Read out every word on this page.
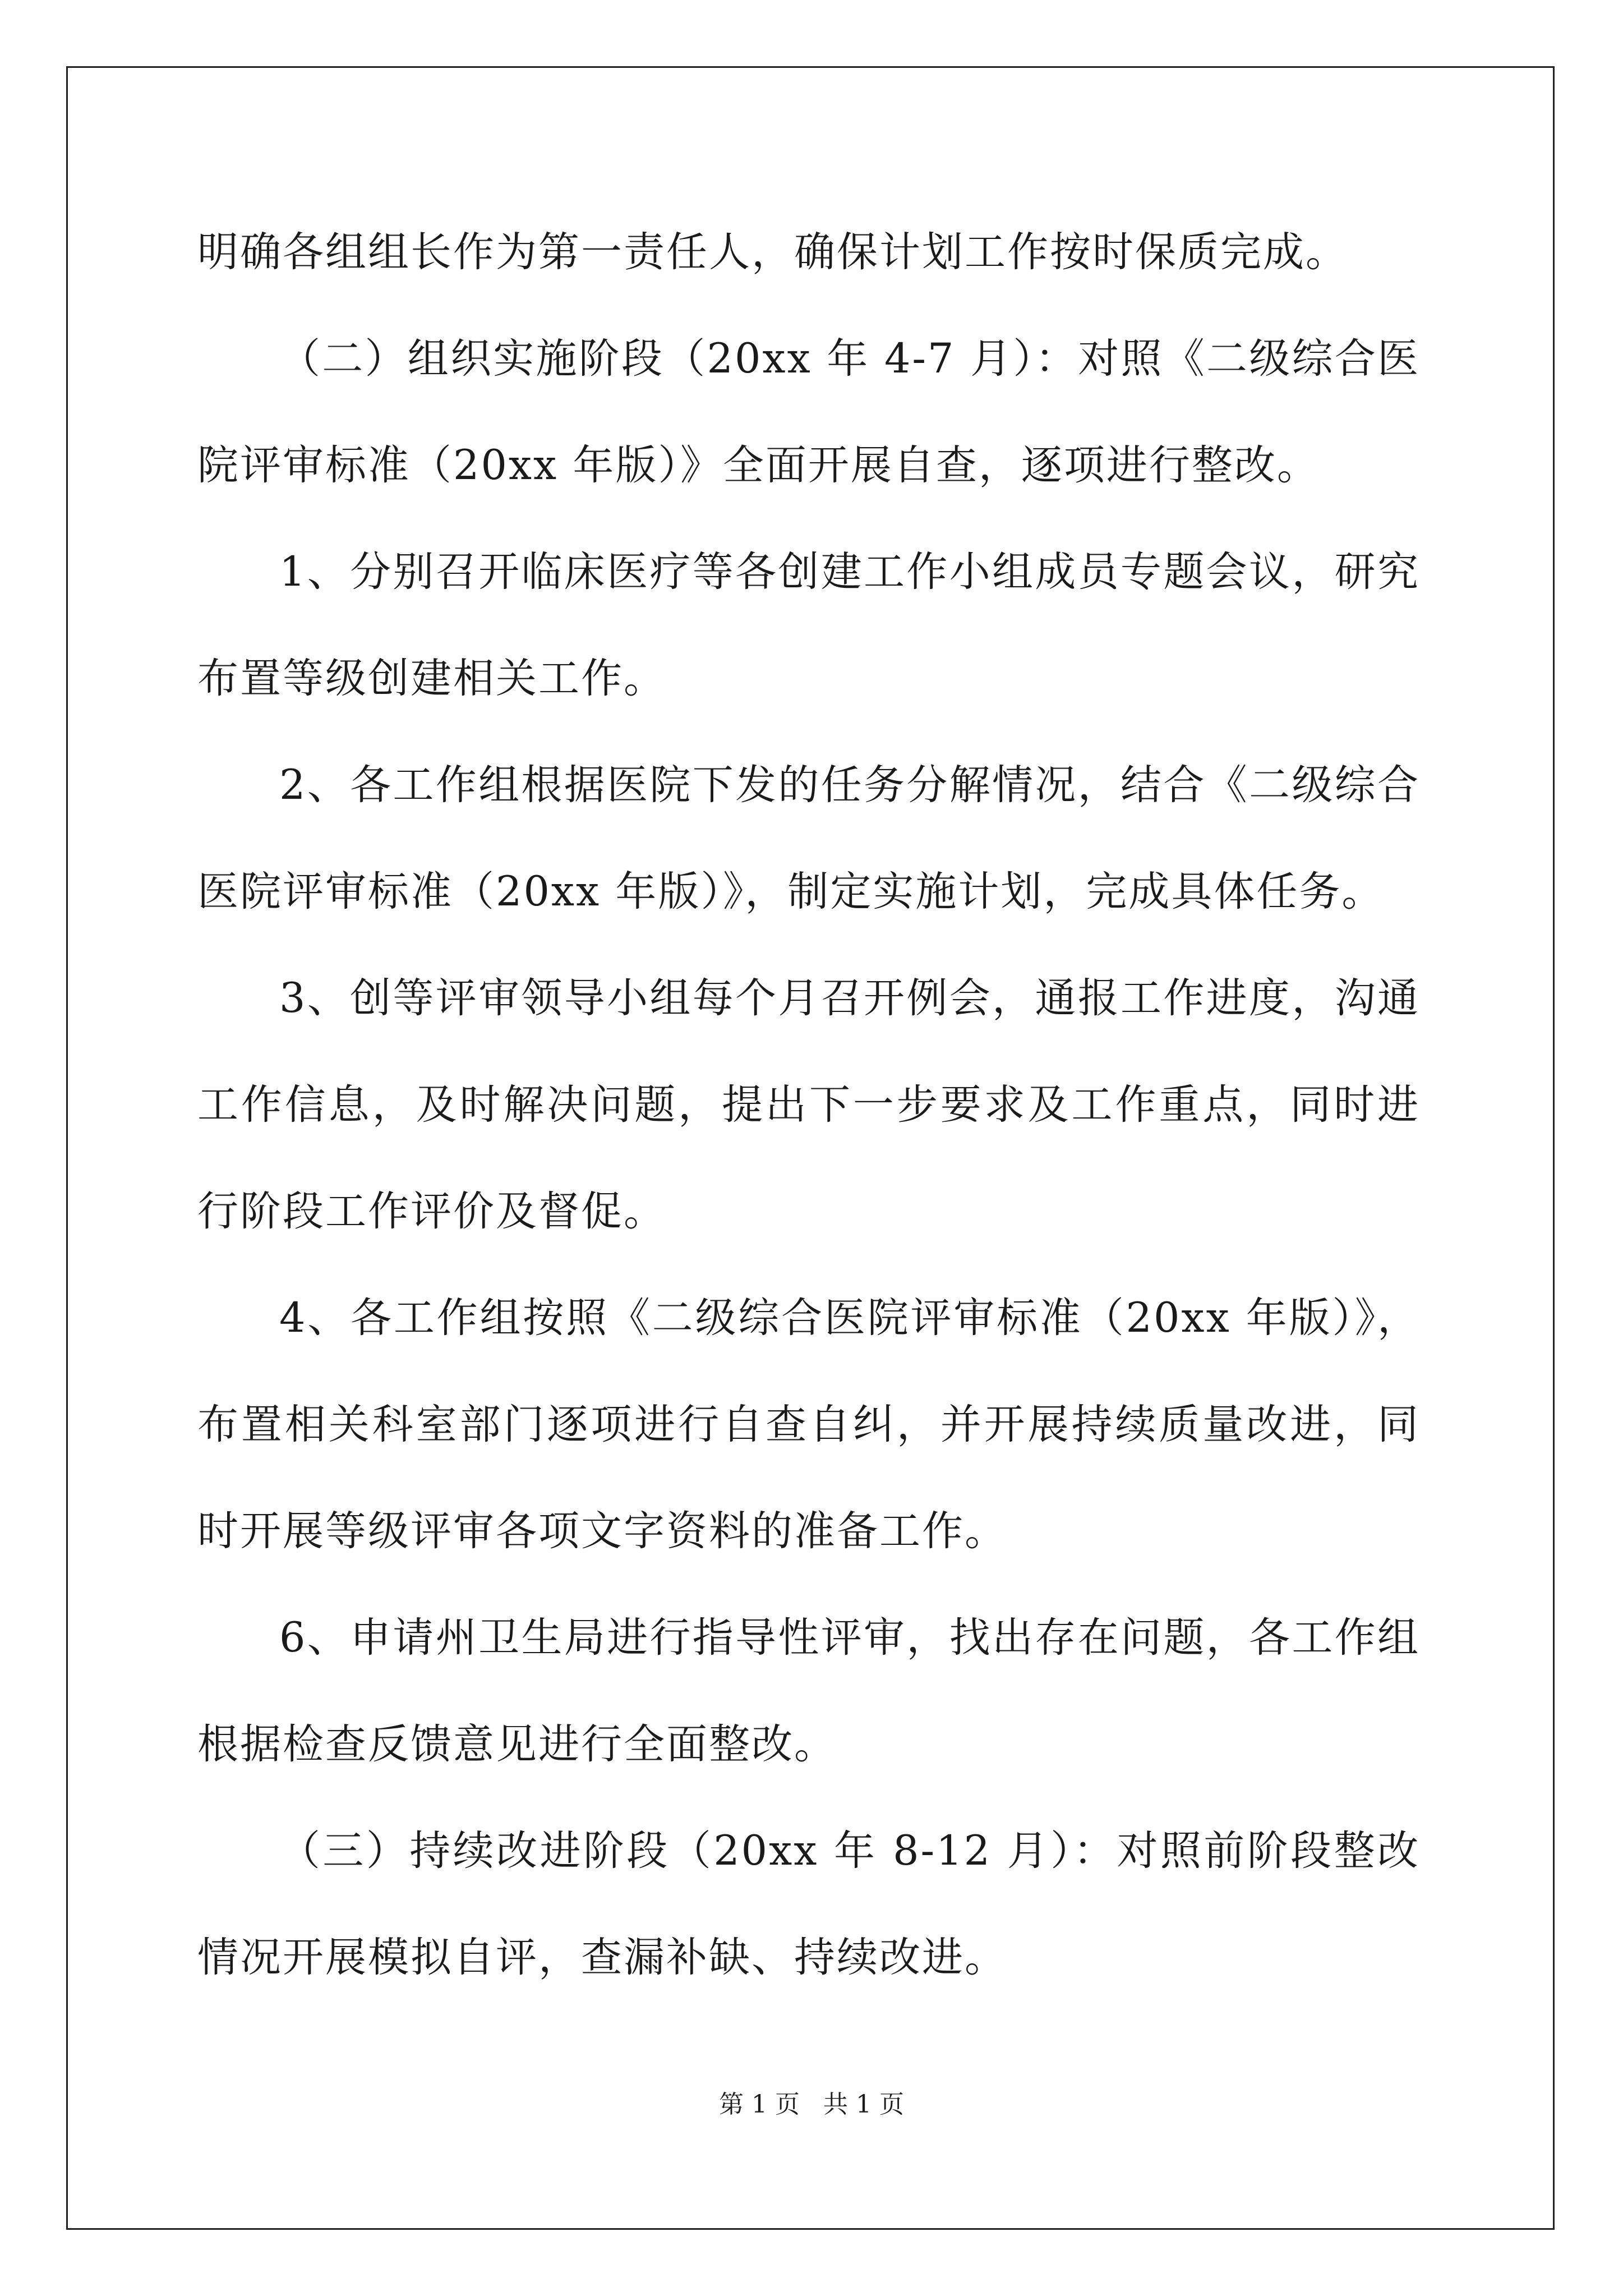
明确各组组长作为第一责任人，确保计划工作按时保质完成。

（二）组织实施阶段（20xx 年 4-7 月）：对照《二级综合医院评审标准（20xx 年版）》全面开展自查，逐项进行整改。

1、分别召开临床医疗等各创建工作小组成员专题会议，研究布置等级创建相关工作。

2、各工作组根据医院下发的任务分解情况，结合《二级综合医院评审标准（20xx 年版）》，制定实施计划，完成具体任务。

3、创等评审领导小组每个月召开例会，通报工作进度，沟通工作信息，及时解决问题，提出下一步要求及工作重点，同时进行阶段工作评价及督促。

4、各工作组按照《二级综合医院评审标准（20xx 年版）》，布置相关科室部门逐项进行自查自纠，并开展持续质量改进，同时开展等级评审各项文字资料的准备工作。

6、申请州卫生局进行指导性评审，找出存在问题，各工作组根据检查反馈意见进行全面整改。

（三）持续改进阶段（20xx 年 8-12 月）：对照前阶段整改情况开展模拟自评，查漏补缺、持续改进。

第 1 页 共 1 页
